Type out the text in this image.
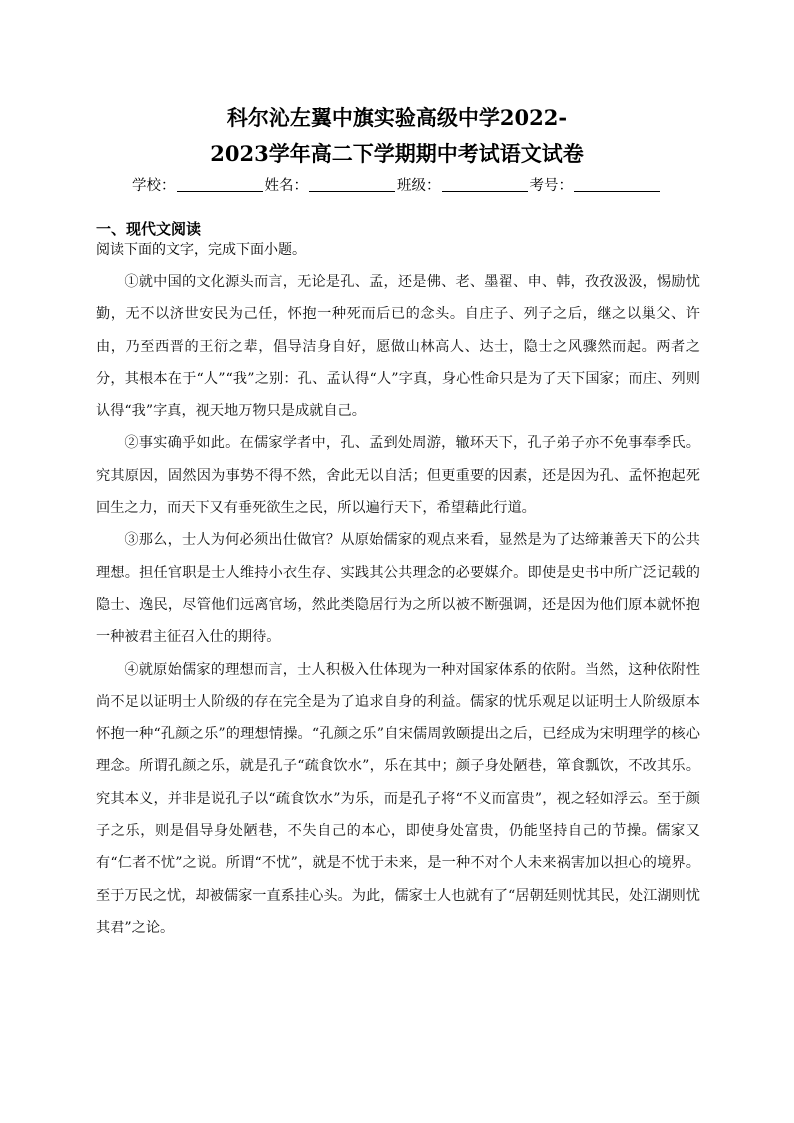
科尔沁左翼中旗实验高级中学2022-
2023学年高二下学期期中考试语文试卷
学校：	姓名：	班级：	考号：
一、现代文阅读
阅读下面的文字，完成下面小题。

①就中国的文化源头而言，无论是孔、孟，还是佛、老、墨翟、申、韩，孜孜汲汲，惕励忧勤，无不以济世安民为己任，怀抱一种死而后已的念头。自庄子、列子之后，继之以巢父、许由，乃至西晋的王衍之辈，倡导洁身自好，愿做山林高人、达士，隐士之风骤然而起。两者之分，其根本在于“人”“我”之别：孔、孟认得“人”字真，身心性命只是为了天下国家；而庄、列则认得“我”字真，视天地万物只是成就自己。

②事实确乎如此。在儒家学者中，孔、孟到处周游，辙环天下，孔子弟子亦不免事奉季氏。究其原因，固然因为事势不得不然，舍此无以自活；但更重要的因素，还是因为孔、孟怀抱起死回生之力，而天下又有垂死欲生之民，所以遍行天下，希望藉此行道。

③那么，士人为何必须出仕做官？从原始儒家的观点来看，显然是为了达缔兼善天下的公共理想。担任官职是士人维持小衣生存、实践其公共理念的必要媒介。即使是史书中所广泛记载的隐士、逸民，尽管他们远离官场，然此类隐居行为之所以被不断强调，还是因为他们原本就怀抱一种被君主征召入仕的期待。

④就原始儒家的理想而言，士人积极入仕体现为一种对国家体系的依附。当然，这种依附性尚不足以证明士人阶级的存在完全是为了追求自身的利益。儒家的忧乐观足以证明士人阶级原本怀抱一种“孔颜之乐”的理想情操。“孔颜之乐”自宋儒周敦颐提出之后，已经成为宋明理学的核心理念。所谓孔颜之乐，就是孔子“疏食饮水”，乐在其中；颜子身处陋巷，箪食瓢饮，不改其乐。究其本义，并非是说孔子以“疏食饮水”为乐，而是孔子将“不义而富贵”，视之轻如浮云。至于颜子之乐，则是倡导身处陋巷，不失自己的本心，即使身处富贵，仍能坚持自己的节操。儒家又有“仁者不忧”之说。所谓“不忧”，就是不忧于未来，是一种不对个人未来祸害加以担心的境界。至于万民之忧，却被儒家一直系挂心头。为此，儒家士人也就有了“居朝廷则忧其民，处江湖则忧其君”之论。
